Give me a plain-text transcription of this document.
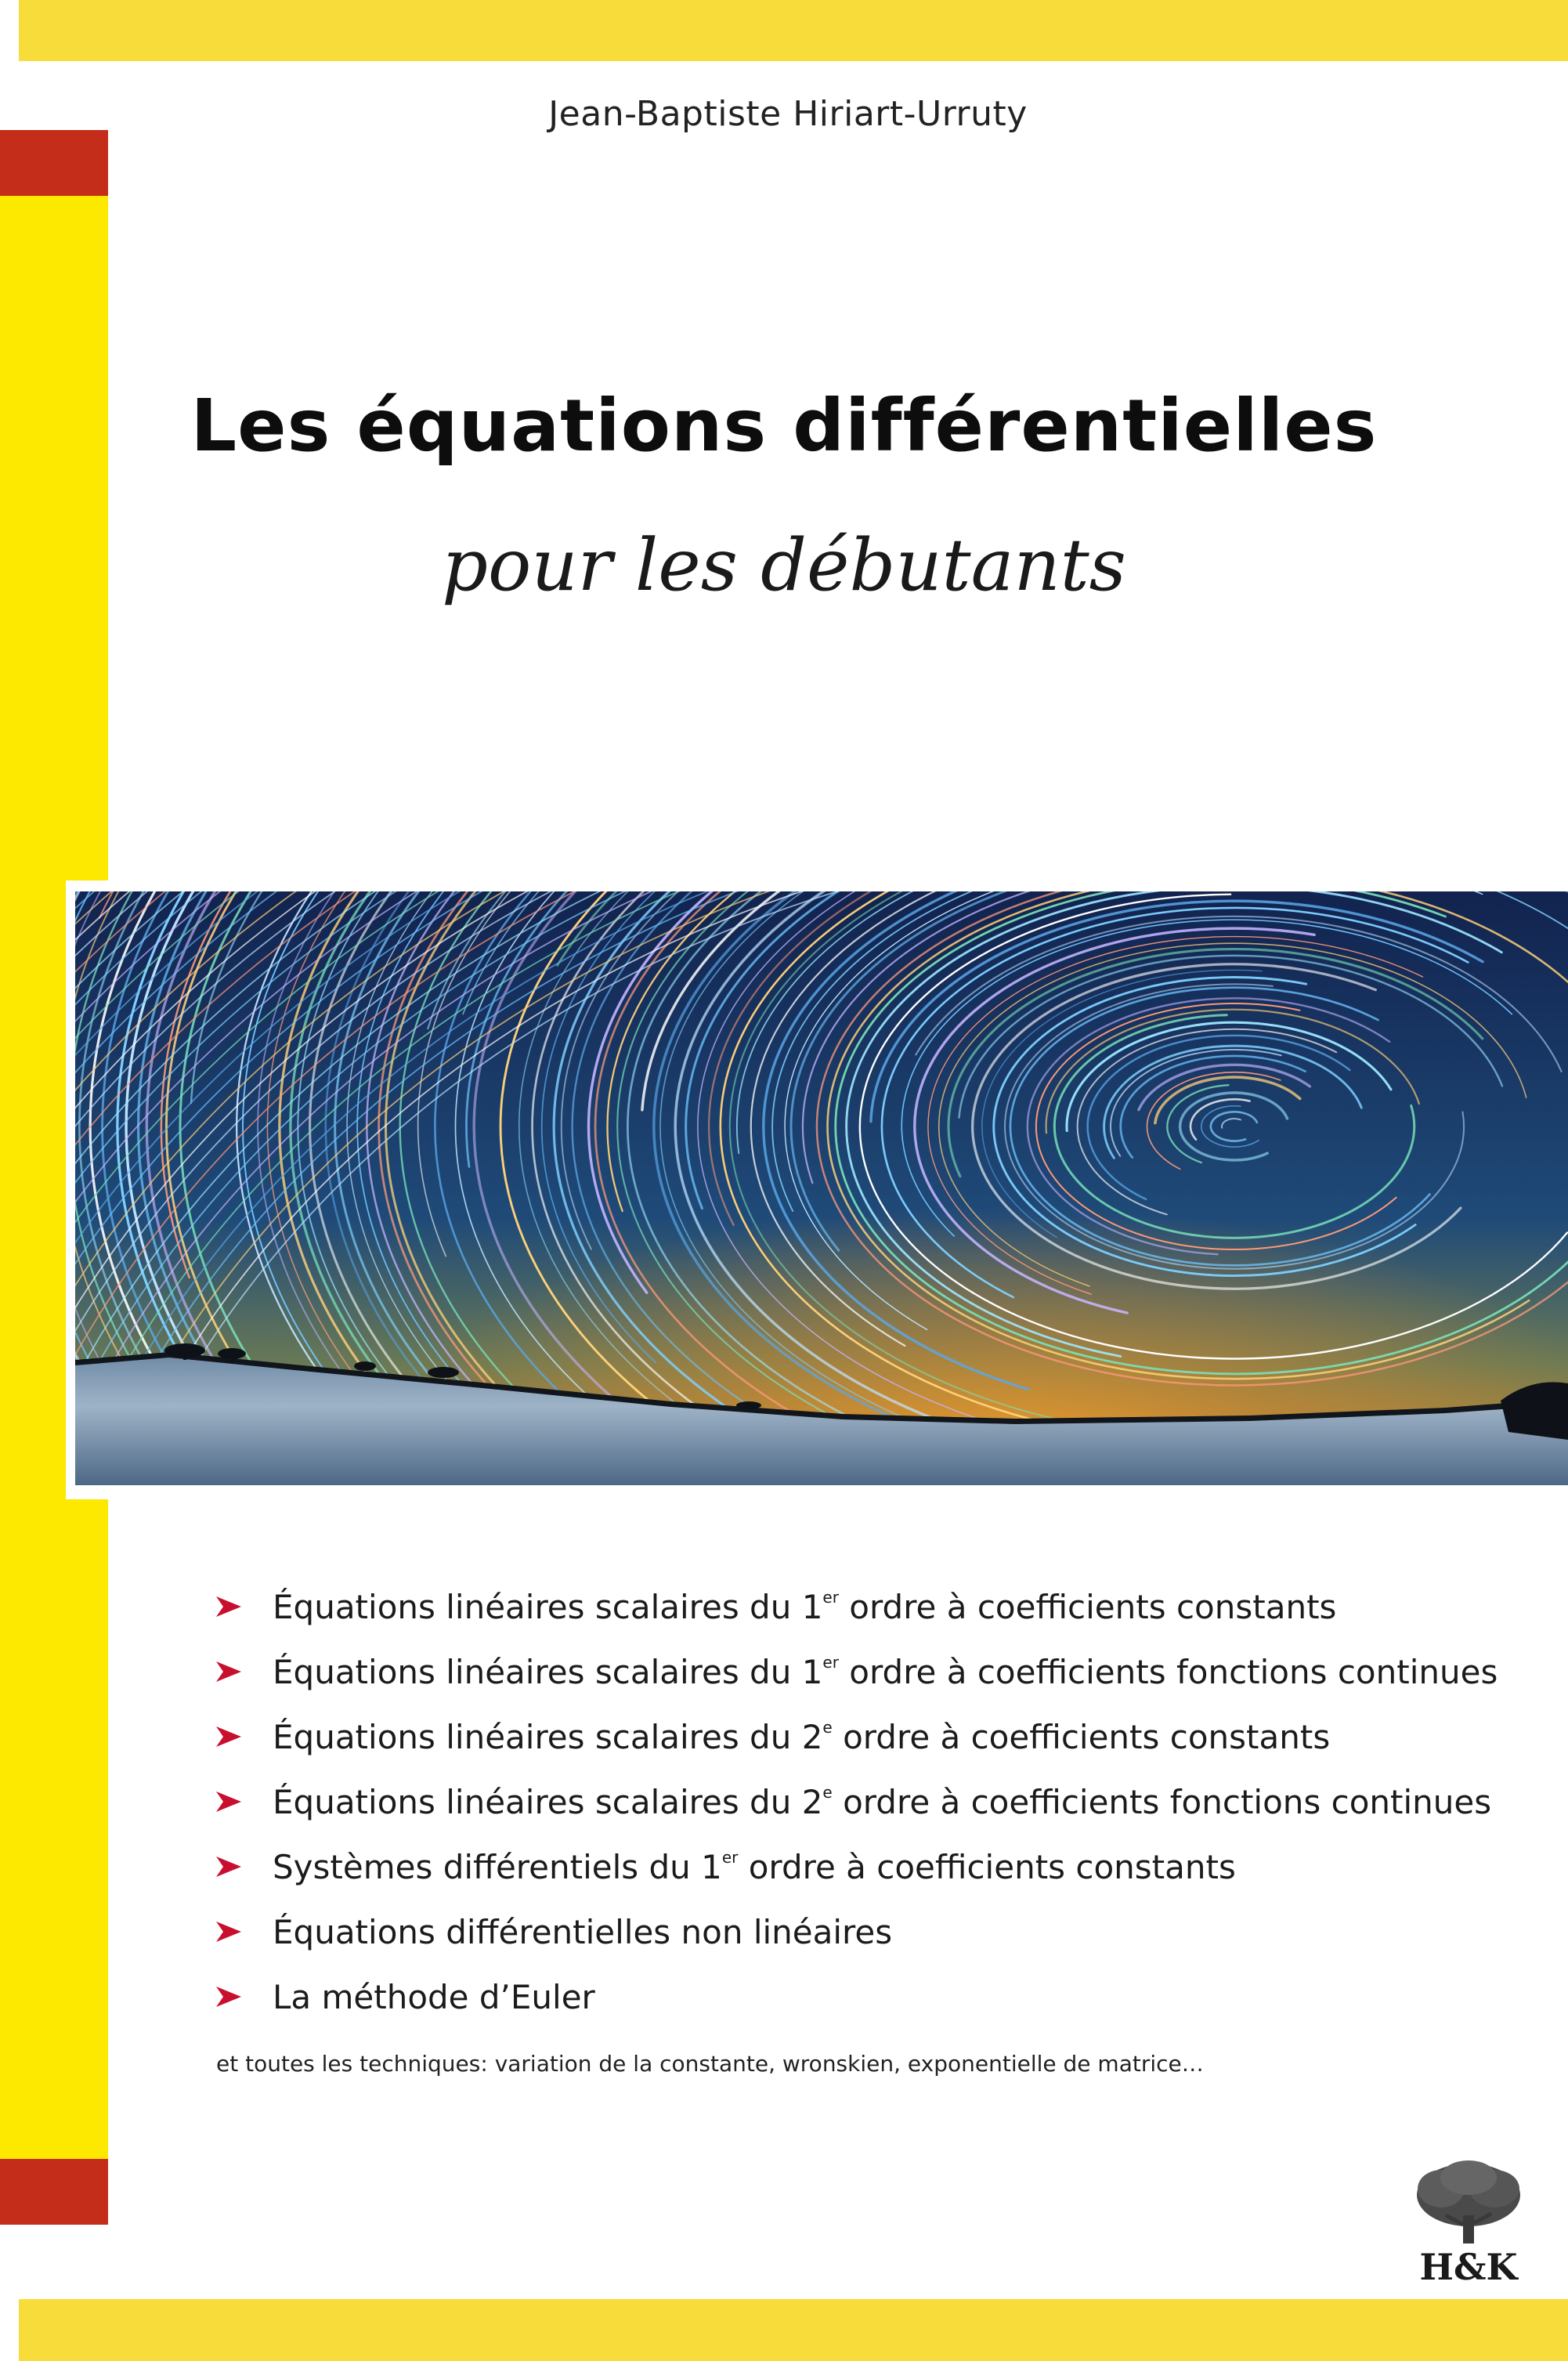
Jean-Baptiste Hiriart-Urruty
Les équations différentielles
pour les débutants
Équations linéaires scalaires du 1er ordre à coefficients constants
Équations linéaires scalaires du 1er ordre à coefficients fonctions continues
Équations linéaires scalaires du 2e ordre à coefficients constants
Équations linéaires scalaires du 2e ordre à coefficients fonctions continues
Systèmes différentiels du 1er ordre à coefficients constants
Équations différentielles non linéaires
La méthode d’Euler
et toutes les techniques: variation de la constante, wronskien, exponentielle de matrice…
H&K
